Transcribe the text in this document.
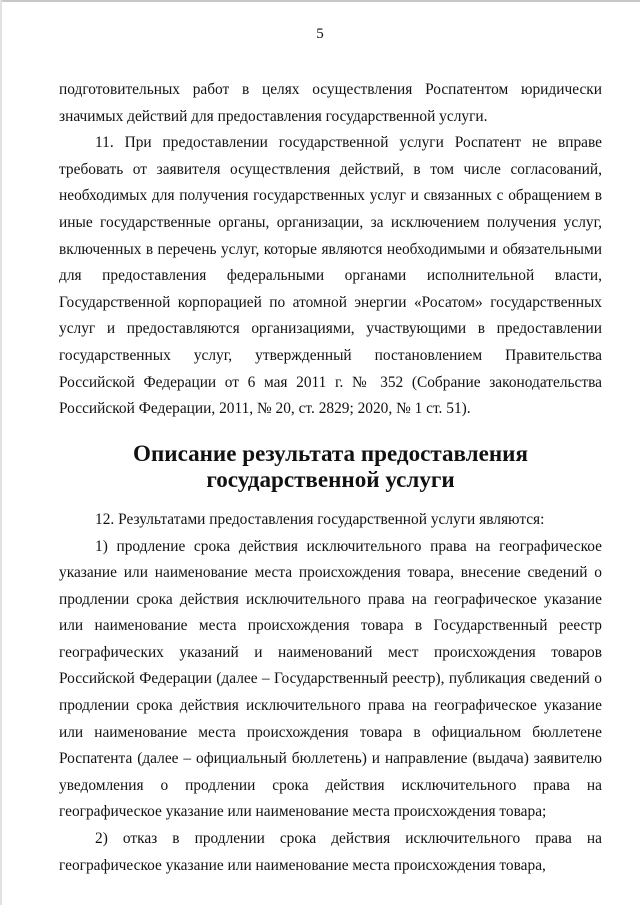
5

подготовительных работ в целях осуществления Роспатентом юридически значимых действий для предоставления государственной услуги.

11. При предоставлении государственной услуги Роспатент не вправе требовать от заявителя осуществления действий, в том числе согласований, необходимых для получения государственных услуг и связанных с обращением в иные государственные органы, организации, за исключением получения услуг, включенных в перечень услуг, которые являются необходимыми и обязательными для предоставления федеральными органами исполнительной власти, Государственной корпорацией по атомной энергии «Росатом» государственных услуг и предоставляются организациями, участвующими в предоставлении государственных услуг, утвержденный постановлением Правительства Российской Федерации от 6 мая 2011 г. № 352 (Собрание законодательства Российской Федерации, 2011, № 20, ст. 2829; 2020, № 1 ст. 51).

Описание результата предоставления государственной услуги

12. Результатами предоставления государственной услуги являются:

1) продление срока действия исключительного права на географическое указание или наименование места происхождения товара, внесение сведений о продлении срока действия исключительного права на географическое указание или наименование места происхождения товара в Государственный реестр географических указаний и наименований мест происхождения товаров Российской Федерации (далее – Государственный реестр), публикация сведений о продлении срока действия исключительного права на географическое указание или наименование места происхождения товара в официальном бюллетене Роспатента (далее – официальный бюллетень) и направление (выдача) заявителю уведомления о продлении срока действия исключительного права на географическое указание или наименование места происхождения товара;

2) отказ в продлении срока действия исключительного права на географическое указание или наименование места происхождения товара,
